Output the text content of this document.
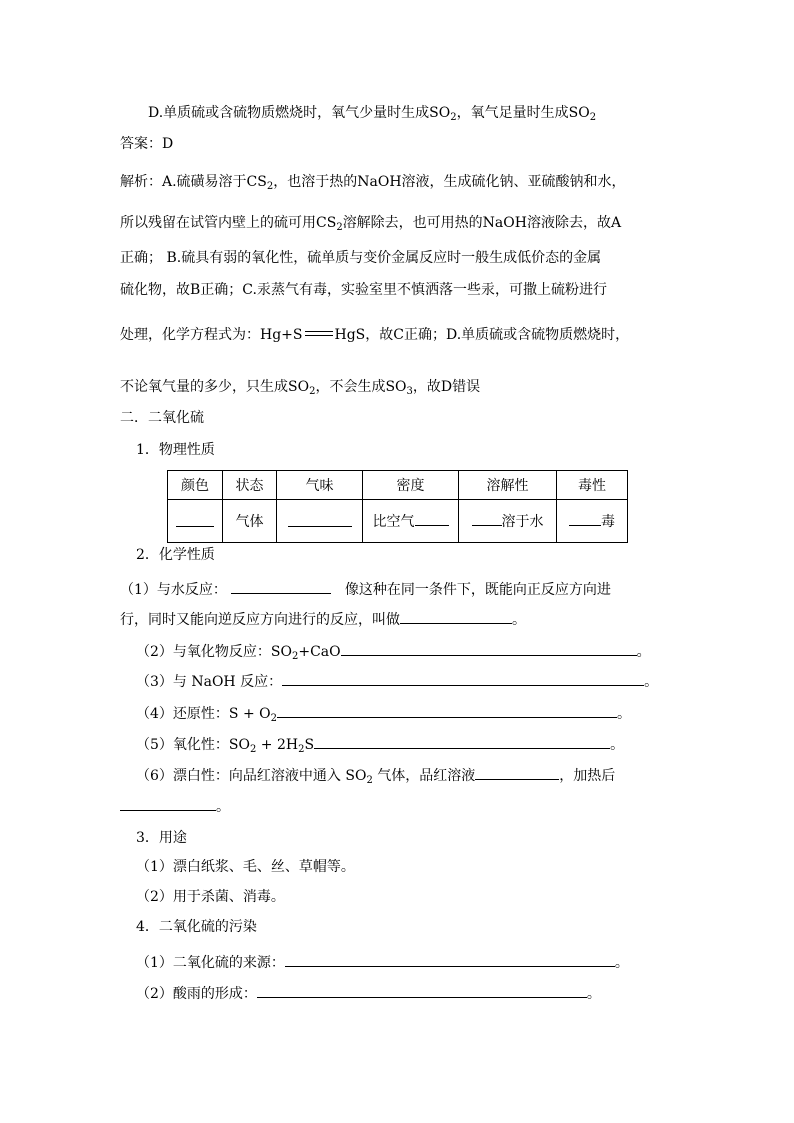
D.单质硫或含硫物质燃烧时，氧气少量时生成$SO_2$，氧气足量时生成$SO_2$
答案：D
解析：A.硫磺易溶于$CS_2$，也溶于热的NaOH溶液，生成硫化钠、亚硫酸钠和水，
所以残留在试管内壁上的硫可用$CS_2$溶解除去，也可用热的NaOH溶液除去，故A
正确； B.硫具有弱的氧化性，硫单质与变价金属反应时一般生成低价态的金属
硫化物，故B正确；C.汞蒸气有毒，实验室里不慎洒落一些汞，可撒上硫粉进行
处理，化学方程式为：Hg+S HgS，故C正确；D.单质硫或含硫物质燃烧时，
不论氧气量的多少，只生成$SO_2$，不会生成$SO_3$，故D错误
二．二氧化硫
1．物理性质
颜色	状态	气味	密度	溶解性	毒性
	气体		比空气	溶于水	毒
2．化学性质
（1）与水反应：	像这种在同一条件下，既能向正反应方向进
行，同时又能向逆反应方向进行的反应，叫做	。
（2）与氧化物反应：$SO_2+CaO$	。
（3）与 NaOH 反应：	。
（4）还原性：$S + O_2$	。
（5）氧化性：$SO_2 + 2H_2S$	。
（6）漂白性：向品红溶液中通入 $SO_2$ 气体，品红溶液	，加热后
。
3．用途
（1）漂白纸浆、毛、丝、草帽等。
（2）用于杀菌、消毒。
4．二氧化硫的污染
（1）二氧化硫的来源：	。
（2）酸雨的形成：	。
